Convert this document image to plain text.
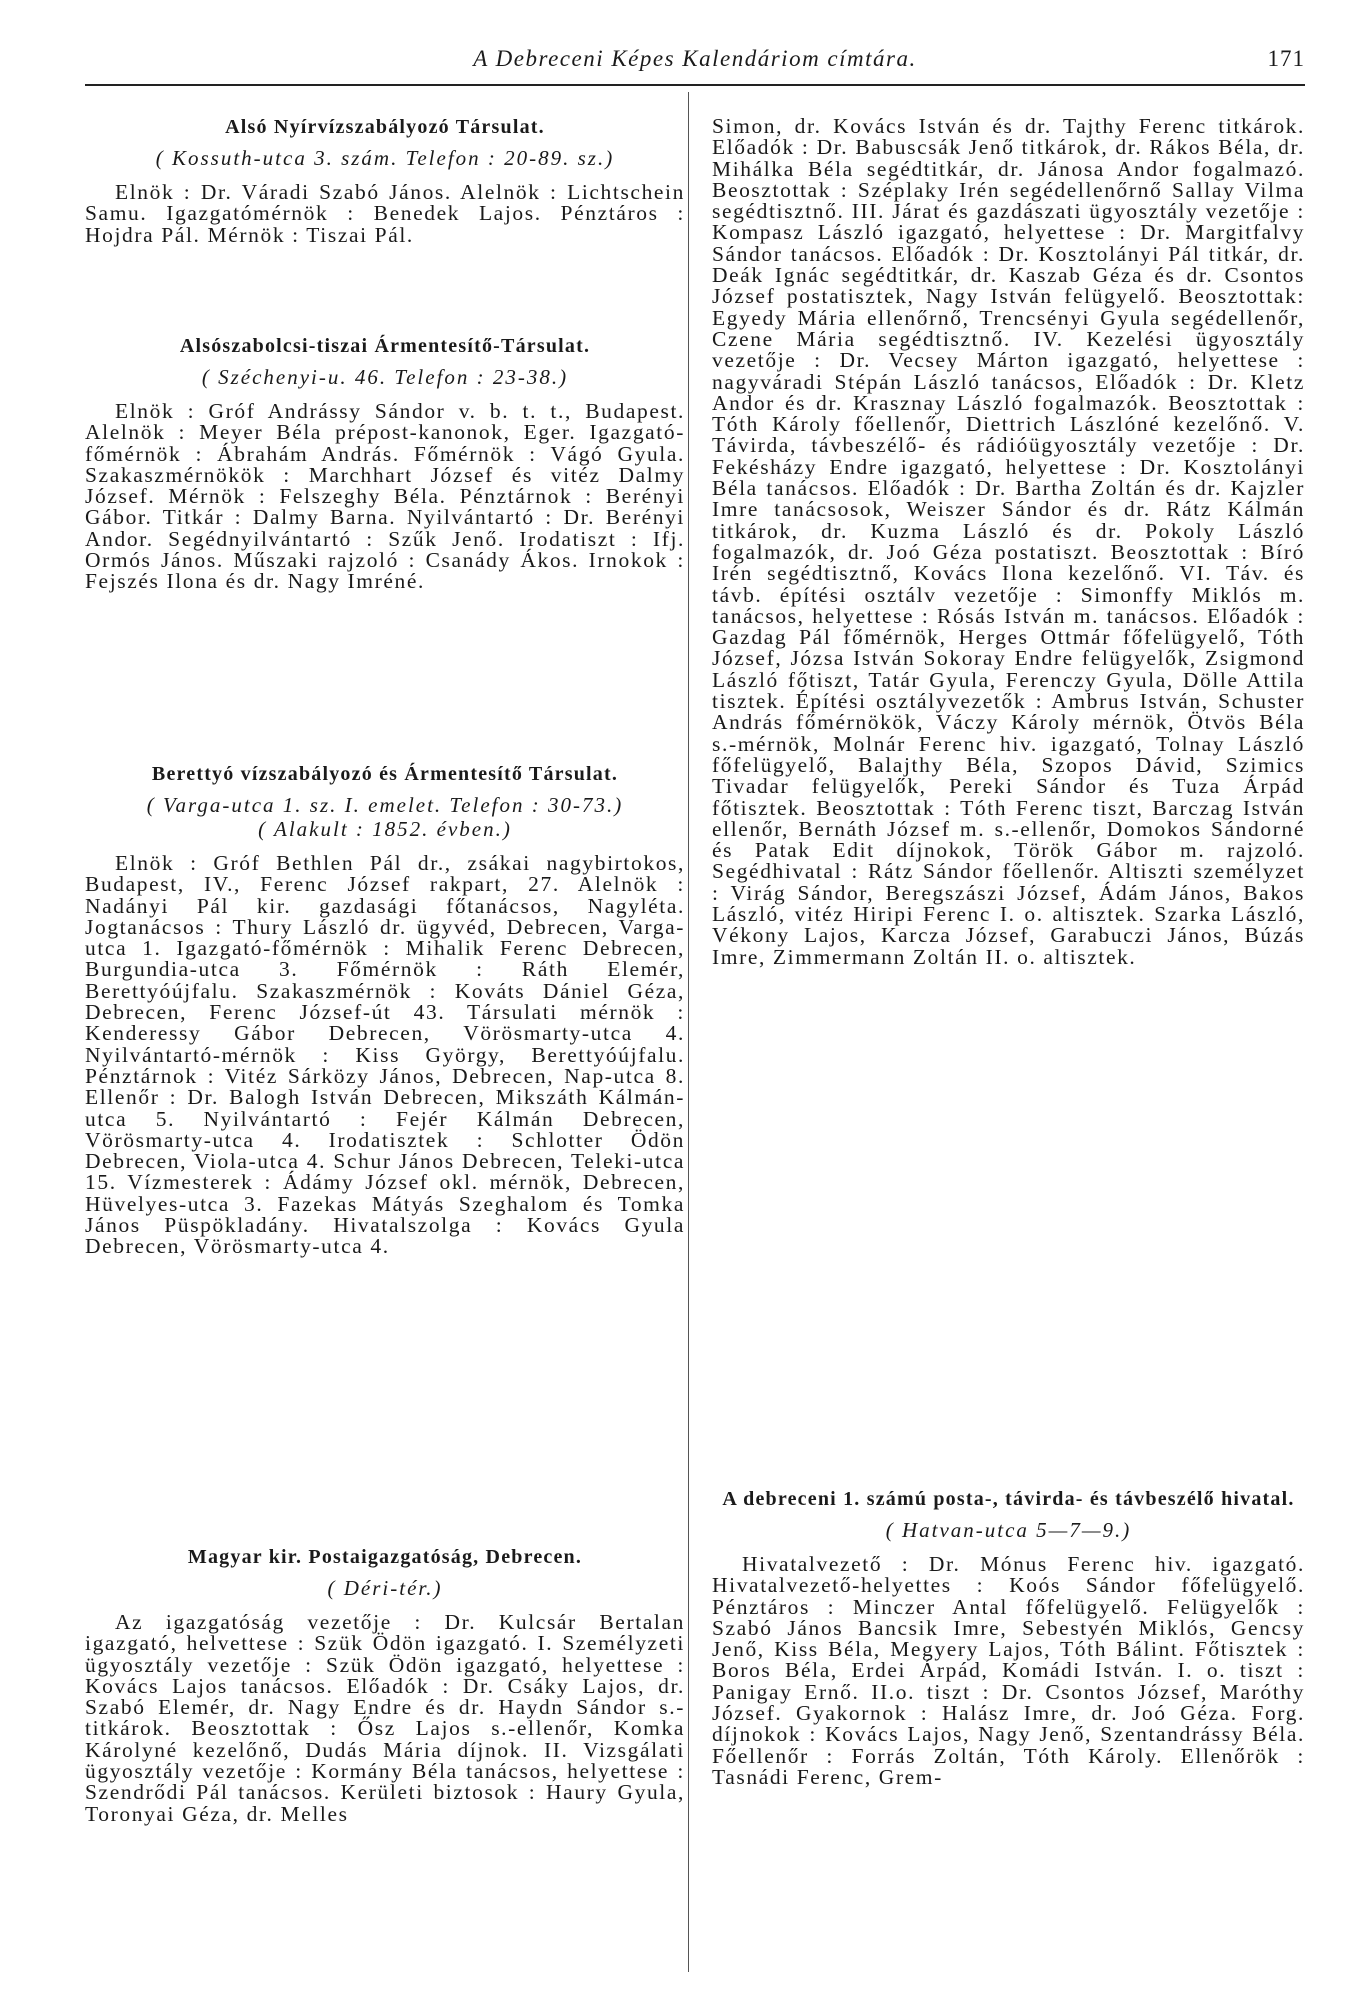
A Debreceni Képes Kalendáriom címtára.	171
Alsó Nyírvízszabályozó Társulat.

( Kossuth-utca 3. szám. Telefon : 20-89. sz.)

Elnök : Dr. Váradi Szabó János. Alelnök : Lichtschein Samu. Igazgatómérnök : Benedek Lajos. Pénztáros : Hojdra Pál. Mérnök : Tiszai Pál.

Alsószabolcsi-tiszai Ármentesítő-Társulat.

( Széchenyi-u. 46. Telefon : 23-38.)

Elnök : Gróf Andrássy Sándor v. b. t. t., Budapest. Alelnök : Meyer Béla prépost-kanonok, Eger. Igazgató-főmérnök : Ábrahám András. Főmérnök : Vágó Gyula. Szakaszmérnökök : Marchhart József és vitéz Dalmy József. Mérnök : Felszeghy Béla. Pénztárnok : Berényi Gábor. Titkár : Dalmy Barna. Nyilvántartó : Dr. Berényi Andor. Segédnyilvántartó : Szűk Jenő. Irodatiszt : Ifj. Ormós János. Műszaki rajzoló : Csanády Ákos. Irnokok : Fejszés Ilona és dr. Nagy Imréné.

Berettyó vízszabályozó és Ármentesítő Társulat.

( Varga-utca 1. sz. I. emelet. Telefon : 30-73.)

( Alakult : 1852. évben.)

Elnök : Gróf Bethlen Pál dr., zsákai nagybirtokos, Budapest, IV., Ferenc József rakpart, 27. Alelnök : Nadányi Pál kir. gazdasági főtanácsos, Nagyléta. Jogtanácsos : Thury László dr. ügyvéd, Debrecen, Varga-utca 1. Igazgató-főmérnök : Mihalik Ferenc Debrecen, Burgundia-utca 3. Főmérnök : Ráth Elemér, Berettyóújfalu. Szakaszmérnök : Kováts Dániel Géza, Debrecen, Ferenc József-út 43. Társulati mérnök : Kenderessy Gábor Debrecen, Vörösmarty-utca 4. Nyilvántartó-mérnök : Kiss György, Berettyóújfalu. Pénztárnok : Vitéz Sárközy János, Debrecen, Nap-utca 8. Ellenőr : Dr. Balogh István Debrecen, Mikszáth Kálmán-utca 5. Nyilvántartó : Fejér Kálmán Debrecen, Vörösmarty-utca 4. Irodatisztek : Schlotter Ödön Debrecen, Viola-utca 4. Schur János Debrecen, Teleki-utca 15. Vízmesterek : Ádámy József okl. mérnök, Debrecen, Hüvelyes-utca 3. Fazekas Mátyás Szeghalom és Tomka János Püspökladány. Hivatalszolga : Kovács Gyula Debrecen, Vörösmarty-utca 4.

Magyar kir. Postaigazgatóság, Debrecen.

( Déri-tér.)

Az igazgatóság vezetője : Dr. Kulcsár Bertalan igazgató, helvettese : Szük Ödön igazgató. I. Személyzeti ügyosztály vezetője : Szük Ödön igazgató, helyettese : Kovács Lajos tanácsos. Előadók : Dr. Csáky Lajos, dr. Szabó Elemér, dr. Nagy Endre és dr. Haydn Sándor s.-titkárok. Beosztottak : Ősz Lajos s.-ellenőr, Komka Károlyné kezelőnő, Dudás Mária díjnok. II. Vizsgálati ügyosztály vezetője : Kormány Béla tanácsos, helyettese : Szendrődi Pál tanácsos. Kerületi biztosok : Haury Gyula, Toronyai Géza, dr. Melles

Simon, dr. Kovács István és dr. Tajthy Ferenc titkárok. Előadók : Dr. Babuscsák Jenő titkárok, dr. Rákos Béla, dr. Mihálka Béla segédtitkár, dr. Jánosa Andor fogalmazó. Beosztottak : Széplaky Irén segédellenőrnő Sallay Vilma segédtisztnő. III. Járat és gazdászati ügyosztály vezetője : Kompasz László igazgató, helyettese : Dr. Margitfalvy Sándor tanácsos. Előadók : Dr. Kosztolányi Pál titkár, dr. Deák Ignác segédtitkár, dr. Kaszab Géza és dr. Csontos József postatisztek, Nagy István felügyelő. Beosztottak: Egyedy Mária ellenőrnő, Trencsényi Gyula segédellenőr, Czene Mária segédtisztnő. IV. Kezelési ügyosztály vezetője : Dr. Vecsey Márton igazgató, helyettese : nagyváradi Stépán László tanácsos, Előadók : Dr. Kletz Andor és dr. Krasznay László fogalmazók. Beosztottak : Tóth Károly főellenőr, Diettrich Lászlóné kezelőnő. V. Távirda, távbeszélő- és rádióügyosztály vezetője : Dr. Fekésházy Endre igazgató, helyettese : Dr. Kosztolányi Béla tanácsos. Előadók : Dr. Bartha Zoltán és dr. Kajzler Imre tanácsosok, Weiszer Sándor és dr. Rátz Kálmán titkárok, dr. Kuzma László és dr. Pokoly László fogalmazók, dr. Joó Géza postatiszt. Beosztottak : Bíró Irén segédtisztnő, Kovács Ilona kezelőnő. VI. Táv. és távb. építési osztálv vezetője : Simonffy Miklós m. tanácsos, helyettese : Rósás István m. tanácsos. Előadók : Gazdag Pál főmérnök, Herges Ottmár főfelügyelő, Tóth József, Józsa István Sokoray Endre felügyelők, Zsigmond László főtiszt, Tatár Gyula, Ferenczy Gyula, Dölle Attila tisztek. Építési osztályvezetők : Ambrus István, Schuster András főmérnökök, Váczy Károly mérnök, Ötvös Béla s.-mérnök, Molnár Ferenc hiv. igazgató, Tolnay László főfelügyelő, Balajthy Béla, Szopos Dávid, Szimics Tivadar felügyelők, Pereki Sándor és Tuza Árpád főtisztek. Beosztottak : Tóth Ferenc tiszt, Barczag István ellenőr, Bernáth József m. s.-ellenőr, Domokos Sándorné és Patak Edit díjnokok, Török Gábor m. rajzoló. Segédhivatal : Rátz Sándor főellenőr. Altiszti személyzet : Virág Sándor, Beregszászi József, Ádám János, Bakos László, vitéz Hiripi Ferenc I. o. altisztek. Szarka László, Vékony Lajos, Karcza József, Garabuczi János, Búzás Imre, Zimmermann Zoltán II. o. altisztek.

A debreceni 1. számú posta-, távirda- és távbeszélő hivatal.

( Hatvan-utca 5—7—9.)

Hivatalvezető : Dr. Mónus Ferenc hiv. igazgató. Hivatalvezető-helyettes : Koós Sándor főfelügyelő. Pénztáros : Minczer Antal főfelügyelő. Felügyelők : Szabó János Bancsik Imre, Sebestyén Miklós, Gencsy Jenő, Kiss Béla, Megyery Lajos, Tóth Bálint. Főtisztek : Boros Béla, Erdei Árpád, Komádi István. I. o. tiszt : Panigay Ernő. II.o. tiszt : Dr. Csontos József, Maróthy József. Gyakornok : Halász Imre, dr. Joó Géza. Forg. díjnokok : Kovács Lajos, Nagy Jenő, Szentandrássy Béla. Főellenőr : Forrás Zoltán, Tóth Károly. Ellenőrök : Tasnádi Ferenc, Grem-
